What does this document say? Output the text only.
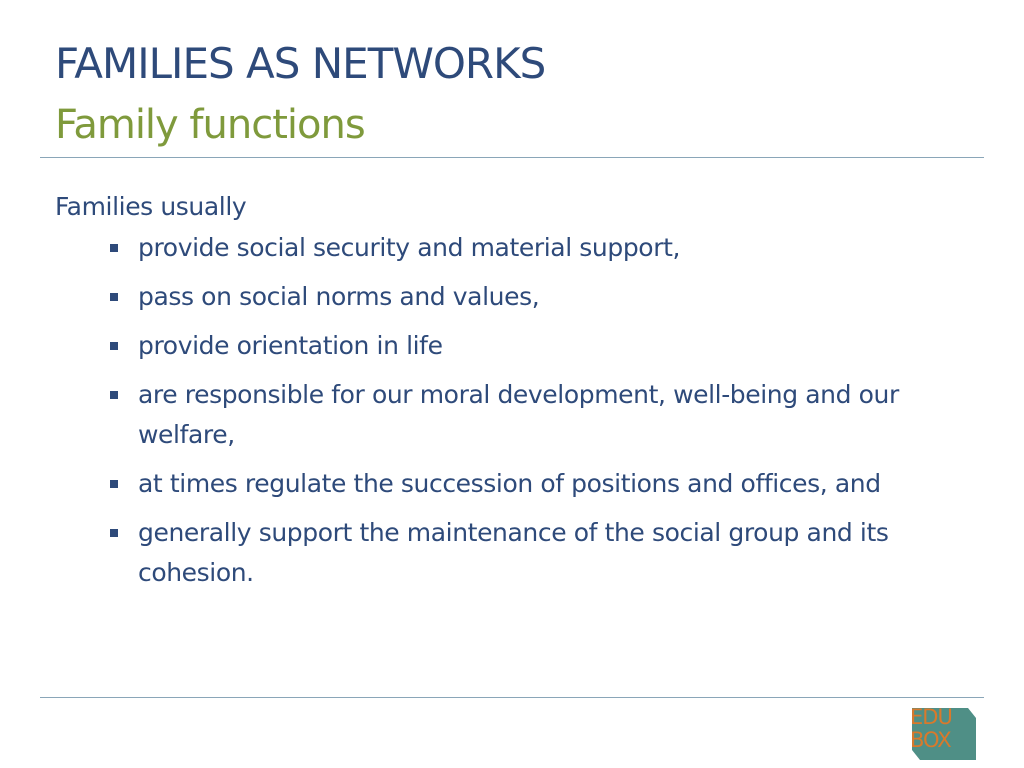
FAMILIES AS NETWORKS
Family functions

Families usually

provide social security and material support,
pass on social norms and values,
provide orientation in life
are responsible for our moral development, well-being and our welfare,
at times regulate the succession of positions and offices, and
generally support the maintenance of the social group and its cohesion.
EDU
BOX
